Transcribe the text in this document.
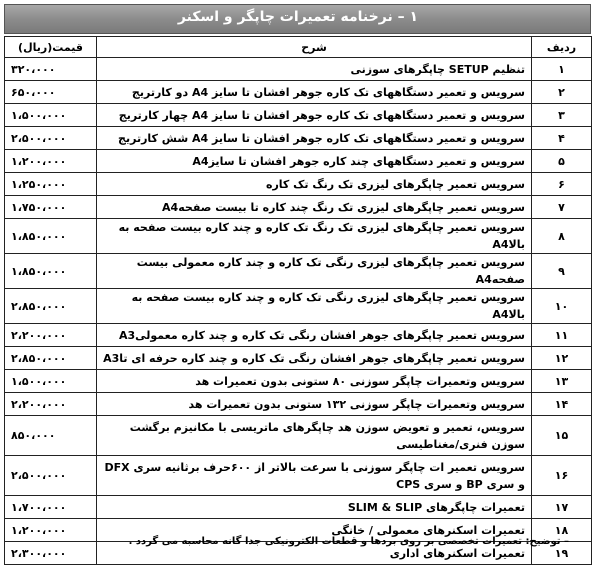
۱ – نرخنامه تعمیرات چاپگر و اسکنر
ردیف	شرح	قیمت(ریال)
۱	تنظیم SETUP چاپگرهای سوزنی	۳۲۰،۰۰۰
۲	سرویس و تعمیر دستگاههای تک کاره جوهر افشان تا سایز A4 دو کارتریج	۶۵۰،۰۰۰
۳	سرویس و تعمیر دستگاههای تک کاره جوهر افشان تا سایز A4 چهار کارتریج	۱،۵۰۰،۰۰۰
۴	سرویس و تعمیر دستگاههای تک کاره جوهر افشان تا سایز A4 شش کارتریج	۲،۵۰۰،۰۰۰
۵	سرویس و تعمیر دستگاههای چند کاره جوهر افشان تا سایزA4	۱،۲۰۰،۰۰۰
۶	سرویس تعمیر چاپگرهای لیزری تک رنگ تک کاره	۱،۲۵۰،۰۰۰
۷	سرویس تعمیر چاپگرهای لیزری تک رنگ چند کاره تا بیست صفحهA4	۱،۷۵۰،۰۰۰
۸	سرویس تعمیر چاپگرهای لیزری تک رنگ تک کاره و چند کاره بیست صفحه به بالاA4	۱،۸۵۰،۰۰۰
۹	سرویس تعمیر چاپگرهای لیزری رنگی تک کاره و چند کاره معمولی بیست صفحهA4	۱،۸۵۰،۰۰۰
۱۰	سرویس تعمیر چاپگرهای لیزری رنگی تک کاره و چند کاره بیست صفحه به بالاA4	۲،۸۵۰،۰۰۰
۱۱	سرویس تعمیر چاپگرهای جوهر افشان رنگی تک کاره و چند کاره معمولیA3	۲،۲۰۰،۰۰۰
۱۲	سرویس تعمیر چاپگرهای جوهر افشان رنگی تک کاره و چند کاره حرفه ای تاA3	۲،۸۵۰،۰۰۰
۱۳	سرویس وتعمیرات چاپگر سوزنی ۸۰ ستونی بدون تعمیرات هد	۱،۵۰۰،۰۰۰
۱۴	سرویس وتعمیرات چاپگر سوزنی ۱۳۲ ستونی بدون تعمیرات هد	۲،۲۰۰،۰۰۰
۱۵	سرویس، تعمیر و تعویض سوزن هد چاپگرهای ماتریسی با مکانیزم برگشت سوزن فنری/مغناطیسی	۸۵۰،۰۰۰
۱۶	سرویس تعمیر ات چاپگر سوزنی با سرعت بالاتر از ۶۰۰حرف برثانیه سری DFX و سری BP و سری CPS	۲،۵۰۰،۰۰۰
۱۷	تعمیرات چاپگرهای SLIM & SLIP	۱،۷۰۰،۰۰۰
۱۸	تعمیرات اسکنرهای معمولی / خانگی	۱،۲۰۰،۰۰۰
۱۹	تعمیرات اسکنرهای اداری	۲،۳۰۰،۰۰۰
– توضیح: تعمیرات تخصصی بر روی بردها و قطعات الکترونیکی جدا گانه محاسبه می گردد .
